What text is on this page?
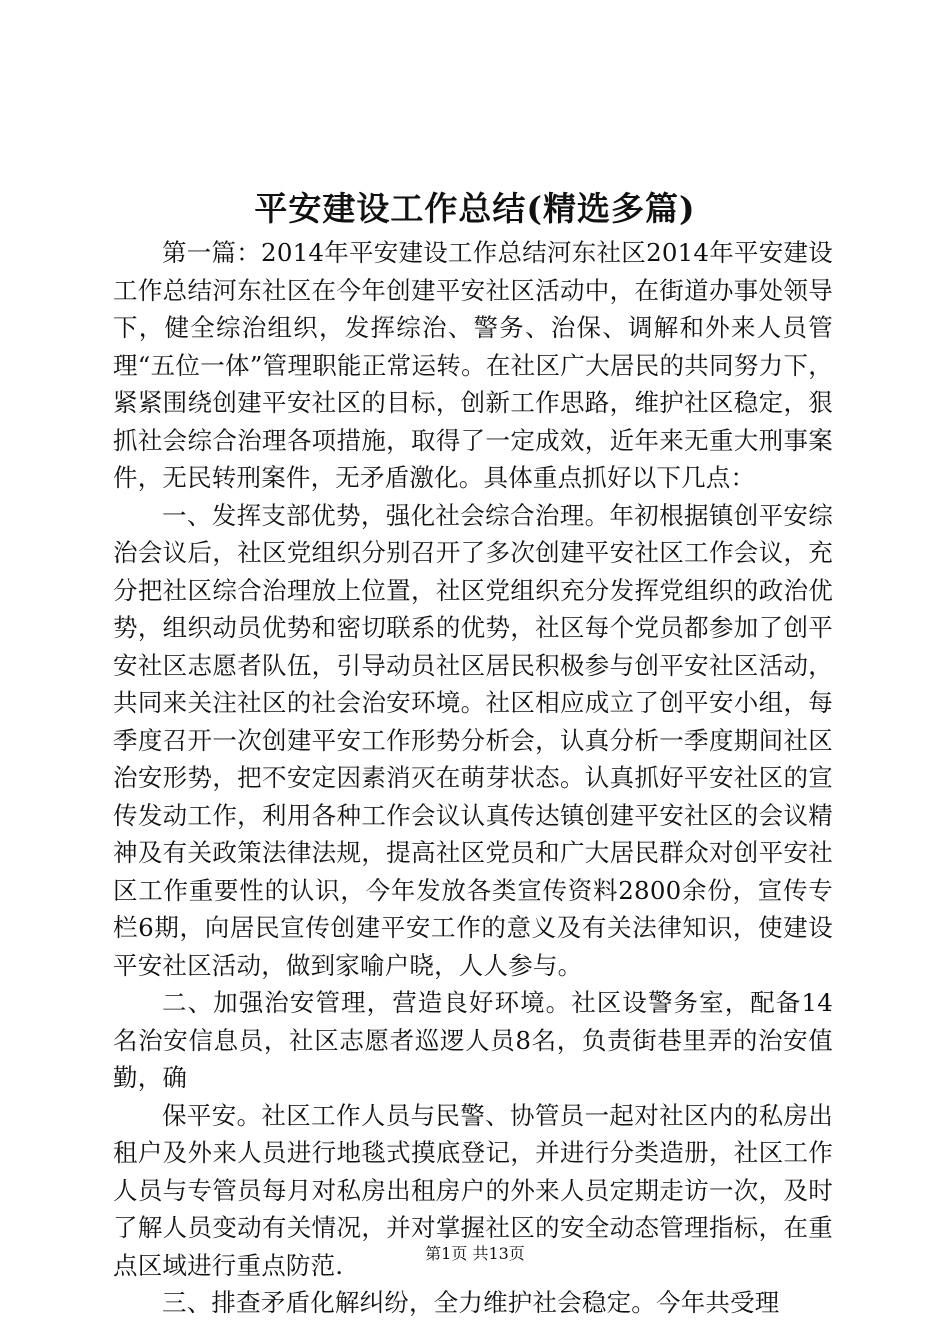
平安建设工作总结(精选多篇)

第一篇：2014年平安建设工作总结河东社区2014年平安建设工作总结河东社区在今年创建平安社区活动中，在街道办事处领导下，健全综治组织，发挥综治、警务、治保、调解和外来人员管理“五位一体”管理职能正常运转。在社区广大居民的共同努力下，紧紧围绕创建平安社区的目标，创新工作思路，维护社区稳定，狠抓社会综合治理各项措施，取得了一定成效，近年来无重大刑事案件，无民转刑案件，无矛盾激化。具体重点抓好以下几点：

一、发挥支部优势，强化社会综合治理。年初根据镇创平安综治会议后，社区党组织分别召开了多次创建平安社区工作会议，充分把社区综合治理放上位置，社区党组织充分发挥党组织的政治优势，组织动员优势和密切联系的优势，社区每个党员都参加了创平安社区志愿者队伍，引导动员社区居民积极参与创平安社区活动，共同来关注社区的社会治安环境。社区相应成立了创平安小组，每季度召开一次创建平安工作形势分析会，认真分析一季度期间社区治安形势，把不安定因素消灭在萌芽状态。认真抓好平安社区的宣传发动工作，利用各种工作会议认真传达镇创建平安社区的会议精神及有关政策法律法规，提高社区党员和广大居民群众对创平安社区工作重要性的认识，今年发放各类宣传资料2800余份，宣传专栏6期，向居民宣传创建平安工作的意义及有关法律知识，使建设平安社区活动，做到家喻户晓，人人参与。

二、加强治安管理，营造良好环境。社区设警务室，配备14名治安信息员，社区志愿者巡逻人员8名，负责街巷里弄的治安值勤，确

保平安。社区工作人员与民警、协管员一起对社区内的私房出租户及外来人员进行地毯式摸底登记，并进行分类造册，社区工作人员与专管员每月对私房出租房户的外来人员定期走访一次，及时了解人员变动有关情况，并对掌握社区的安全动态管理指标，在重点区域进行重点防范.

三、排查矛盾化解纠纷，全力维护社会稳定。今年共受理

第1页 共13页
